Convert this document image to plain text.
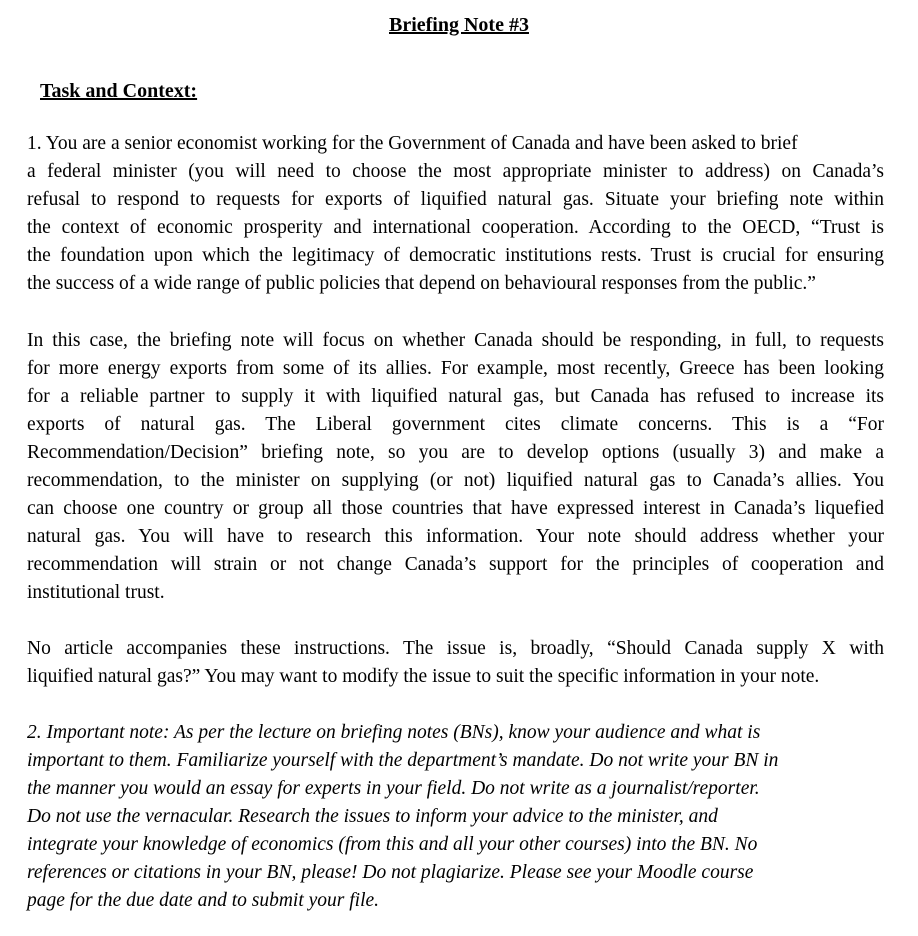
Briefing Note #3
Task and Context:
1. You are a senior economist working for the Government of Canada and have been asked to brief
a federal minister (you will need to choose the most appropriate minister to address) on Canada’s
refusal to respond to requests for exports of liquified natural gas. Situate your briefing note within
the context of economic prosperity and international cooperation. According to the OECD, “Trust is
the foundation upon which the legitimacy of democratic institutions rests. Trust is crucial for ensuring
the success of a wide range of public policies that depend on behavioural responses from the public.”
In this case, the briefing note will focus on whether Canada should be responding, in full, to requests
for more energy exports from some of its allies. For example, most recently, Greece has been looking
for a reliable partner to supply it with liquified natural gas, but Canada has refused to increase its
exports of natural gas. The Liberal government cites climate concerns. This is a “For
Recommendation/Decision” briefing note, so you are to develop options (usually 3) and make a
recommendation, to the minister on supplying (or not) liquified natural gas to Canada’s allies. You
can choose one country or group all those countries that have expressed interest in Canada’s liquefied
natural gas. You will have to research this information. Your note should address whether your
recommendation will strain or not change Canada’s support for the principles of cooperation and
institutional trust.
No article accompanies these instructions. The issue is, broadly, “Should Canada supply X with
liquified natural gas?” You may want to modify the issue to suit the specific information in your note.
2. Important note: As per the lecture on briefing notes (BNs), know your audience and what is
important to them. Familiarize yourself with the department’s mandate. Do not write your BN in
the manner you would an essay for experts in your field. Do not write as a journalist/reporter.
Do not use the vernacular. Research the issues to inform your advice to the minister, and
integrate your knowledge of economics (from this and all your other courses) into the BN. No
references or citations in your BN, please! Do not plagiarize. Please see your Moodle course
page for the due date and to submit your file.
